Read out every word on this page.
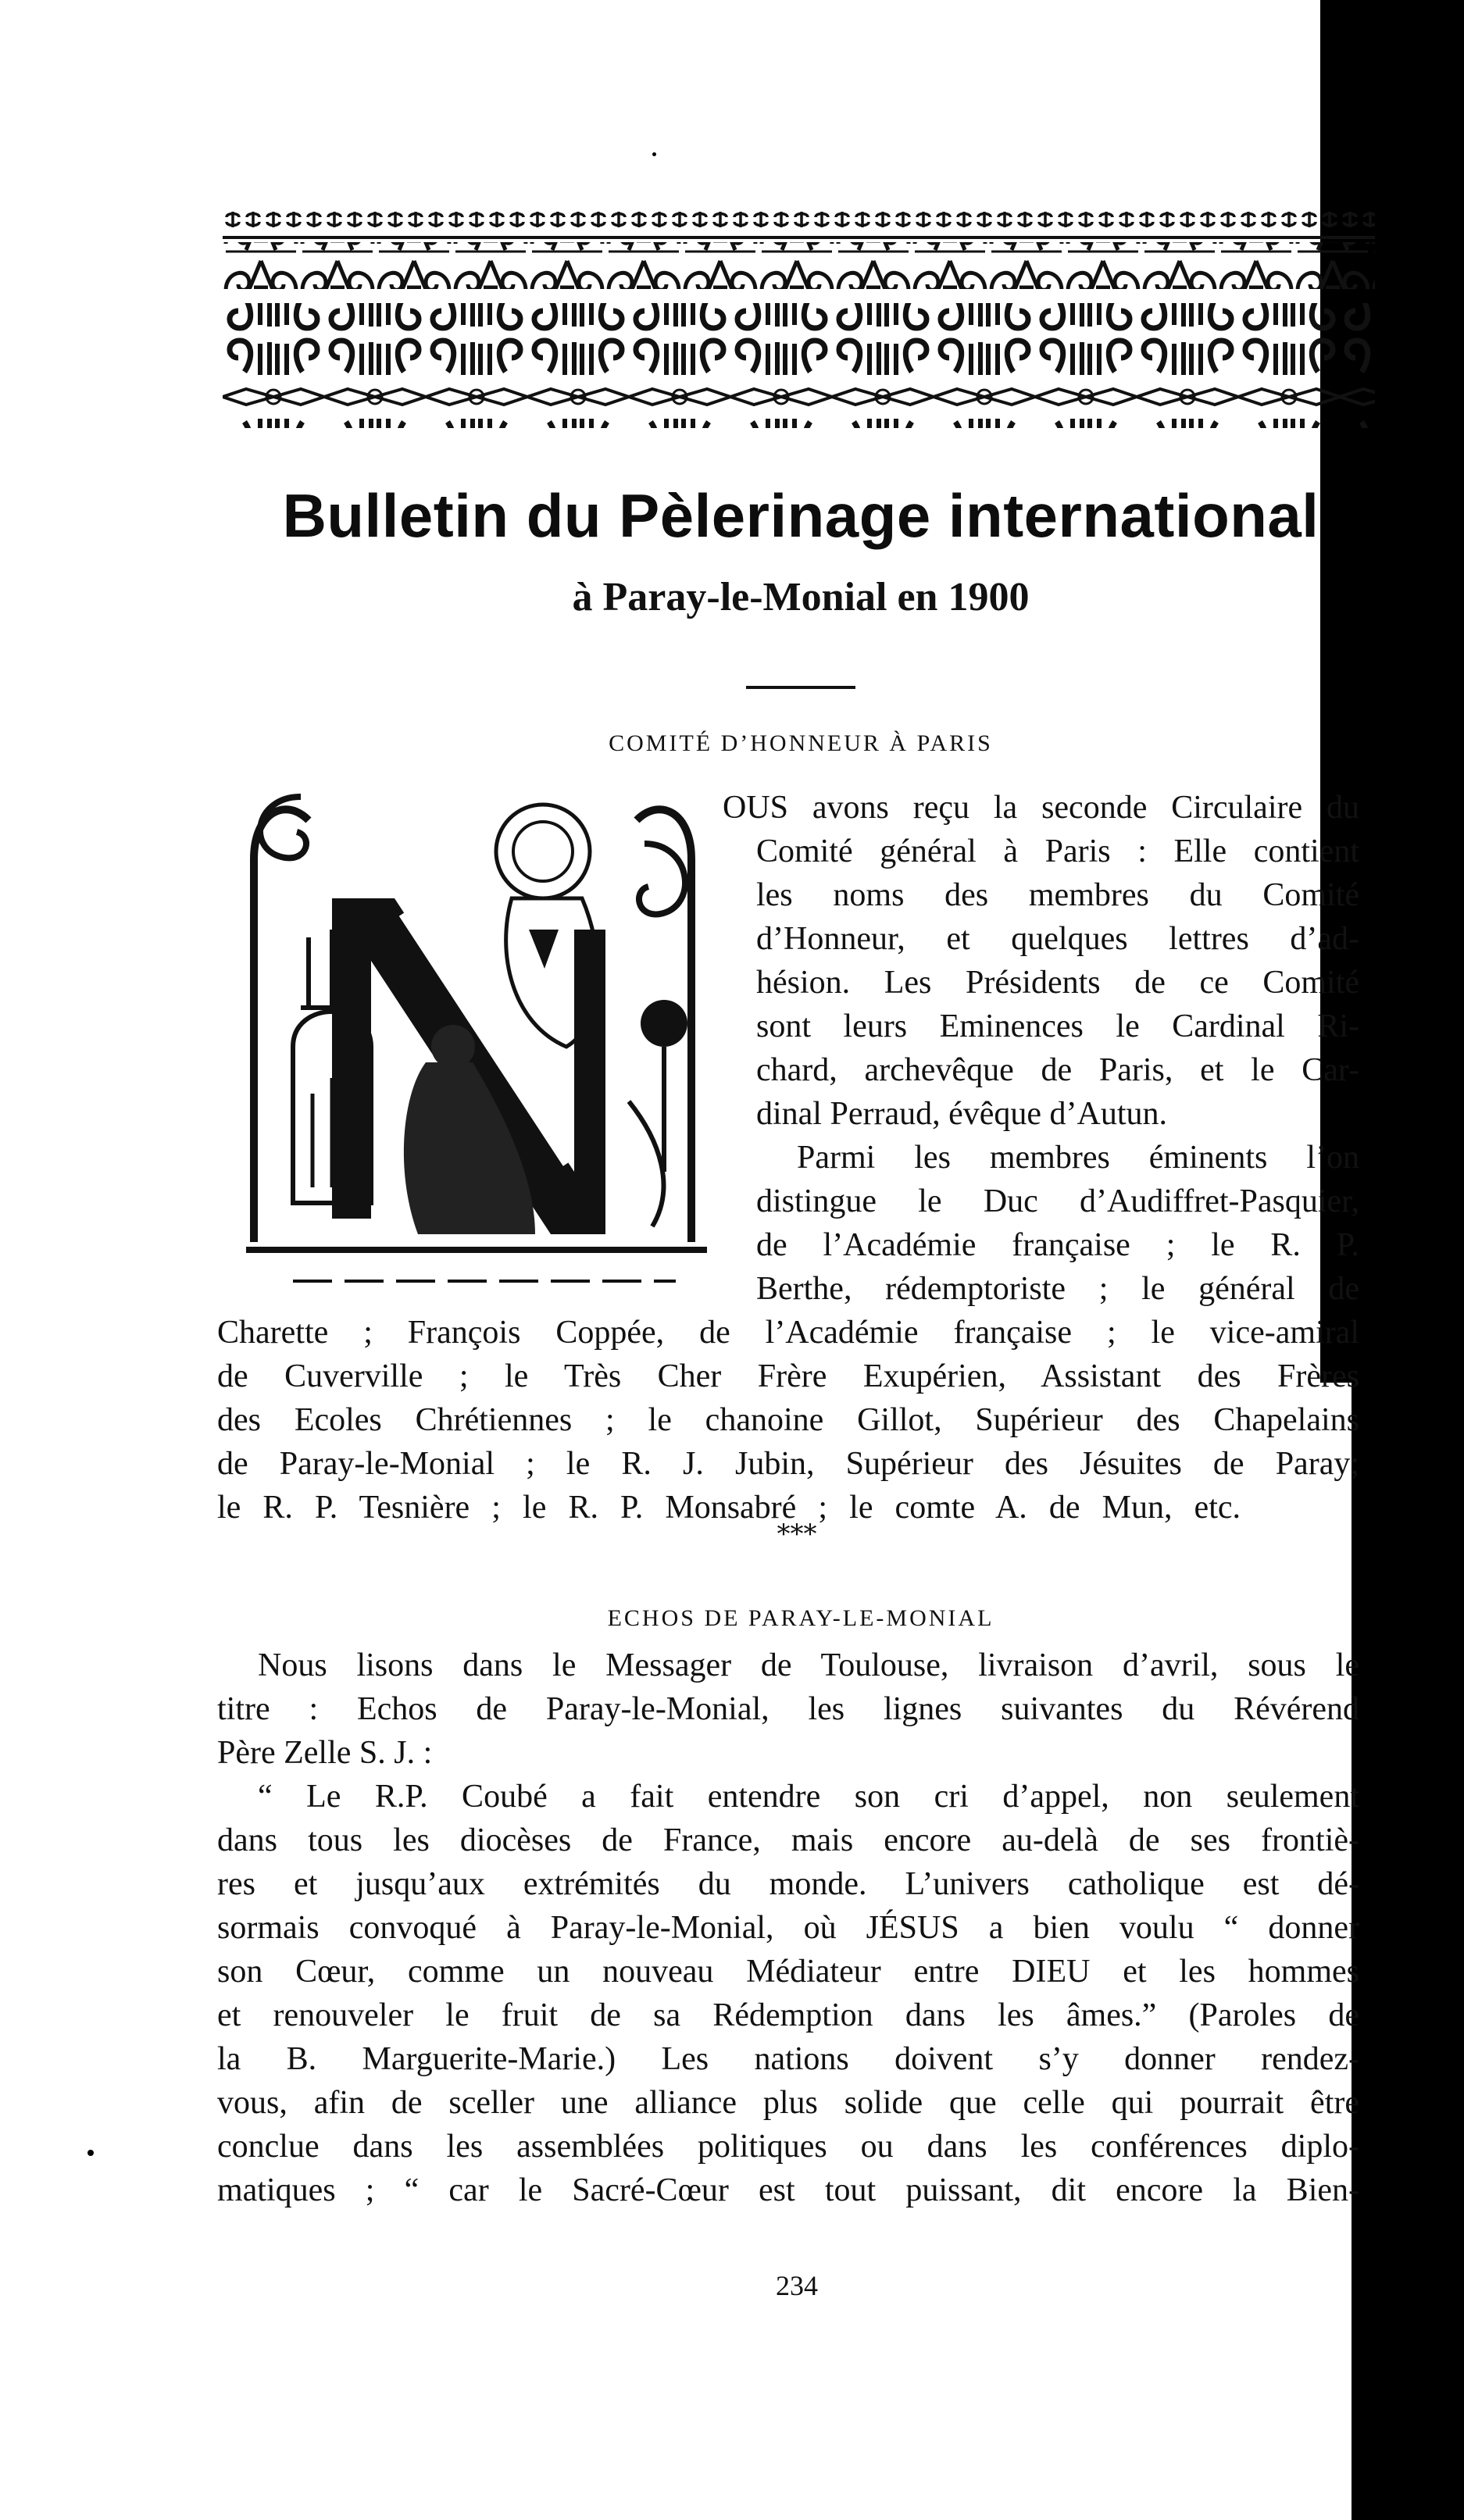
Bulletin du Pèlerinage international
à Paray-le-Monial en 1900
COMITÉ D’HONNEUR À PARIS
OUS avons reçu la seconde Circulaire du
Comité général à Paris : Elle contient
les noms des membres du Comité
d’Honneur, et quelques lettres d’ad-
hésion. Les Présidents de ce Comité
sont leurs Eminences le Cardinal Ri-
chard, archevêque de Paris, et le Car-
dinal Perraud, évêque d’Autun.
Parmi les membres éminents l’on
distingue le Duc d’Audiffret-Pasquier,
de l’Académie française ; le R. P.
Berthe, rédemptoriste ; le général de
Charette ; François Coppée, de l’Académie française ; le vice-amiral
de Cuverville ; le Très Cher Frère Exupérien, Assistant des Frères
des Ecoles Chrétiennes ; le chanoine Gillot, Supérieur des Chapelains
de Paray-le-Monial ; le R. J. Jubin, Supérieur des Jésuites de Paray;
le R. P. Tesnière ; le R. P. Monsabré ; le comte A. de Mun, etc.
***
ECHOS DE PARAY-LE-MONIAL
Nous lisons dans le Messager de Toulouse, livraison d’avril, sous le
titre : Echos de Paray-le-Monial, les lignes suivantes du Révérend
Père Zelle S. J. :
“ Le R.P. Coubé a fait entendre son cri d’appel, non seulement
dans tous les diocèses de France, mais encore au-delà de ses frontiè-
res et jusqu’aux extrémités du monde. L’univers catholique est dé-
sormais convoqué à Paray-le-Monial, où JÉSUS a bien voulu “ donner
son Cœur, comme un nouveau Médiateur entre DIEU et les hommes
et renouveler le fruit de sa Rédemption dans les âmes.” (Paroles de
la B. Marguerite-Marie.) Les nations doivent s’y donner rendez-
vous, afin de sceller une alliance plus solide que celle qui pourrait être
conclue dans les assemblées politiques ou dans les conférences diplo-
matiques ; “ car le Sacré-Cœur est tout puissant, dit encore la Bien-
234
